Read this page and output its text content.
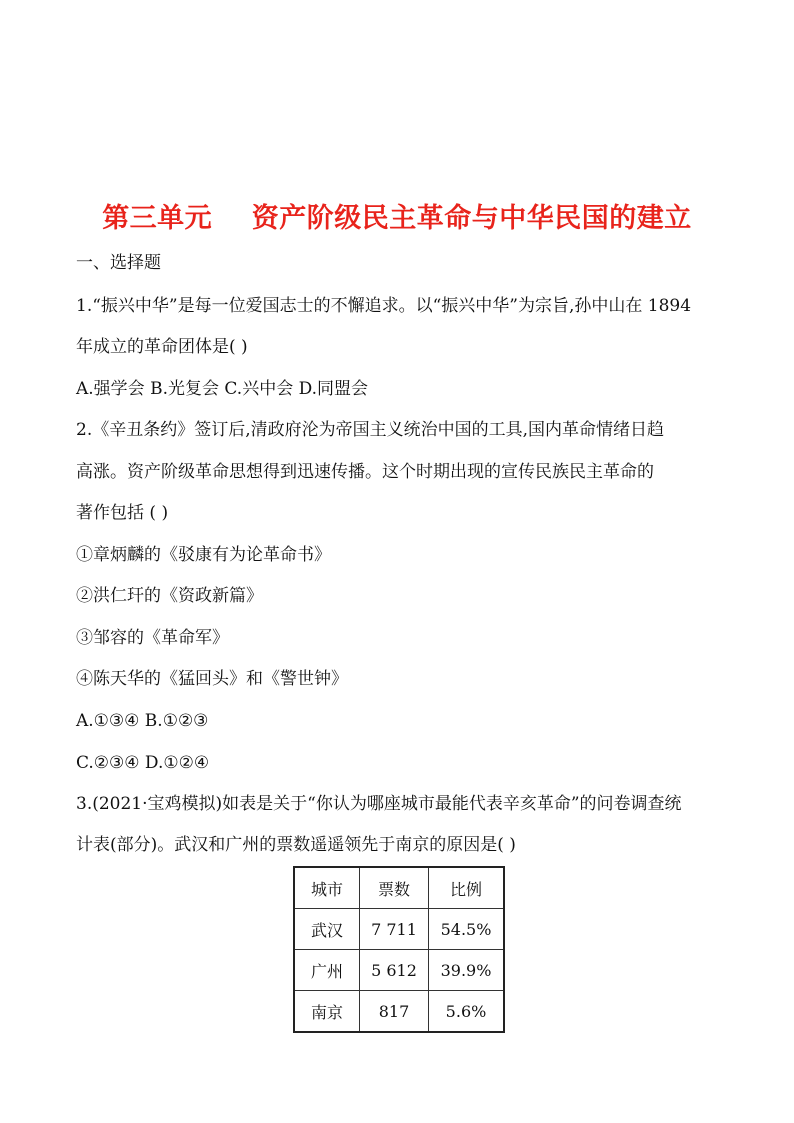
第三单元    资产阶级民主革命与中华民国的建立
一、选择题
1.“振兴中华”是每一位爱国志士的不懈追求。以“振兴中华”为宗旨,孙中山在 1894
年成立的革命团体是( )
A.强学会 B.光复会 C.兴中会 D.同盟会
2.《辛丑条约》签订后,清政府沦为帝国主义统治中国的工具,国内革命情绪日趋
高涨。资产阶级革命思想得到迅速传播。这个时期出现的宣传民族民主革命的
著作包括 ( )
①章炳麟的《驳康有为论革命书》
②洪仁玕的《资政新篇》
③邹容的《革命军》
④陈天华的《猛回头》和《警世钟》
A.①③④ B.①②③
C.②③④ D.①②④
3.(2021·宝鸡模拟)如表是关于“你认为哪座城市最能代表辛亥革命”的问卷调查统
计表(部分)。武汉和广州的票数遥遥领先于南京的原因是( )
城市	票数	比例
武汉	7 711	54.5%
广州	5 612	39.9%
南京	817	5.6%
